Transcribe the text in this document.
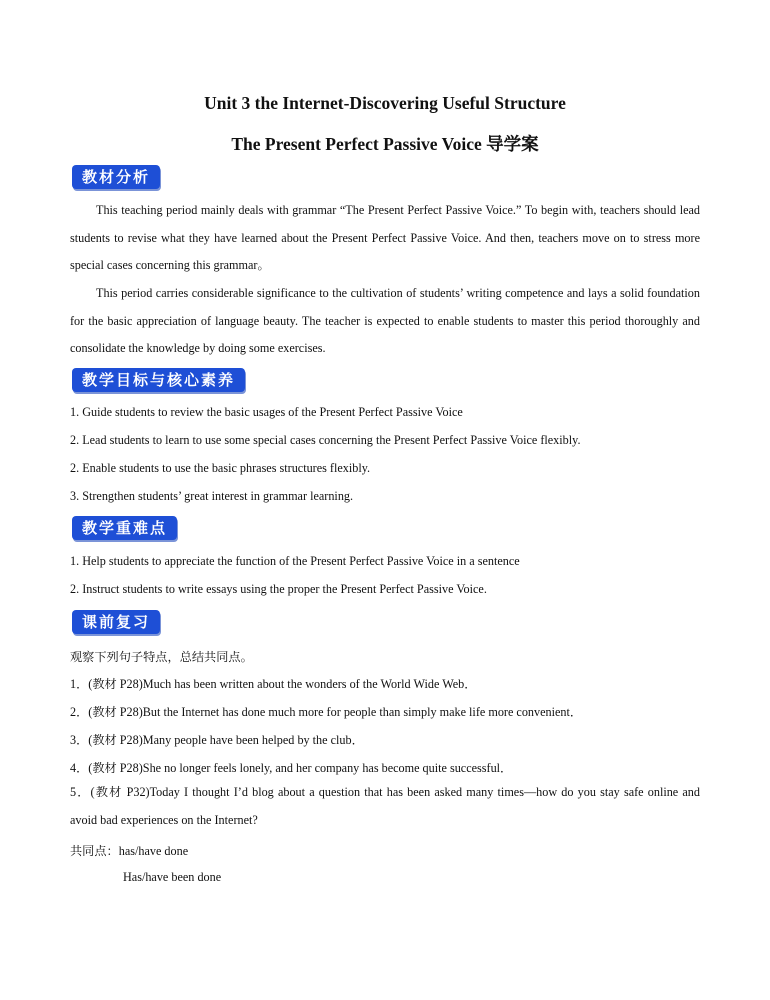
Unit 3 the Internet-Discovering Useful Structure
The Present Perfect Passive Voice 导学案
教材分析
This teaching period mainly deals with grammar “The Present Perfect Passive Voice.” To begin with, teachers should lead students to revise what they have learned about the Present Perfect Passive Voice. And then, teachers move on to stress more special cases concerning this grammar。
This period carries considerable significance to the cultivation of students’ writing competence and lays a solid foundation for the basic appreciation of language beauty. The teacher is expected to enable students to master this period thoroughly and consolidate the knowledge by doing some exercises.
教学目标与核心素养
1. Guide students to review the basic usages of the Present Perfect Passive Voice
2. Lead students to learn to use some special cases concerning the Present Perfect Passive Voice flexibly.
2. Enable students to use the basic phrases structures flexibly.
3. Strengthen students’ great interest in grammar learning.
教学重难点
1. Help students to appreciate the function of the Present Perfect Passive Voice in a sentence
2. Instruct students to write essays using the proper the Present Perfect Passive Voice.
课前复习
观察下列句子特点，总结共同点。
1．(教材 P28)Much has been written about the wonders of the World Wide Web．
2．(教材 P28)But the Internet has done much more for people than simply make life more convenient．
3．(教材 P28)Many people have been helped by the club．
4．(教材 P28)She no longer feels lonely, and her company has become quite successful．
5．(教材 P32)Today I thought I’d blog about a question that has been asked many times—how do you stay safe online and avoid bad experiences on the Internet?
共同点：has/have done
Has/have been done
